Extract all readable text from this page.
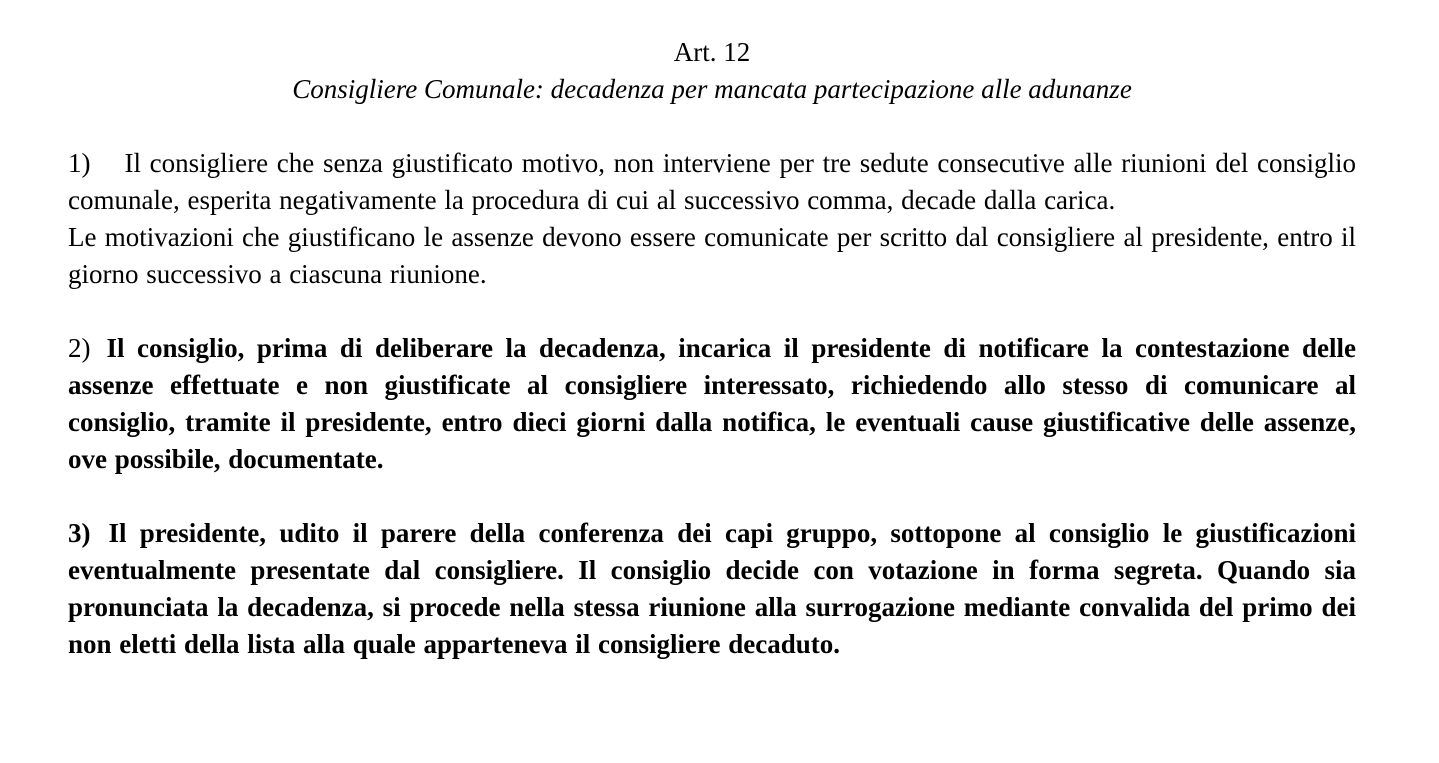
Art. 12

Consigliere Comunale: decadenza per mancata partecipazione alle adunanze

1) Il consigliere che senza giustificato motivo, non interviene per tre sedute consecutive alle riunioni del consiglio comunale, esperita negativamente la procedura di cui al successivo comma, decade dalla carica.

Le motivazioni che giustificano le assenze devono essere comunicate per scritto dal consigliere al presidente, entro il giorno successivo a ciascuna riunione.

2) Il consiglio, prima di deliberare la decadenza, incarica il presidente di notificare la contestazione delle assenze effettuate e non giustificate al consigliere interessato, richiedendo allo stesso di comunicare al consiglio, tramite il presidente, entro dieci giorni dalla notifica, le eventuali cause giustificative delle assenze, ove possibile, documentate.

3) Il presidente, udito il parere della conferenza dei capi gruppo, sottopone al consiglio le giustificazioni eventualmente presentate dal consigliere. Il consiglio decide con votazione in forma segreta. Quando sia pronunciata la decadenza, si procede nella stessa riunione alla surrogazione mediante convalida del primo dei non eletti della lista alla quale apparteneva il consigliere decaduto.
